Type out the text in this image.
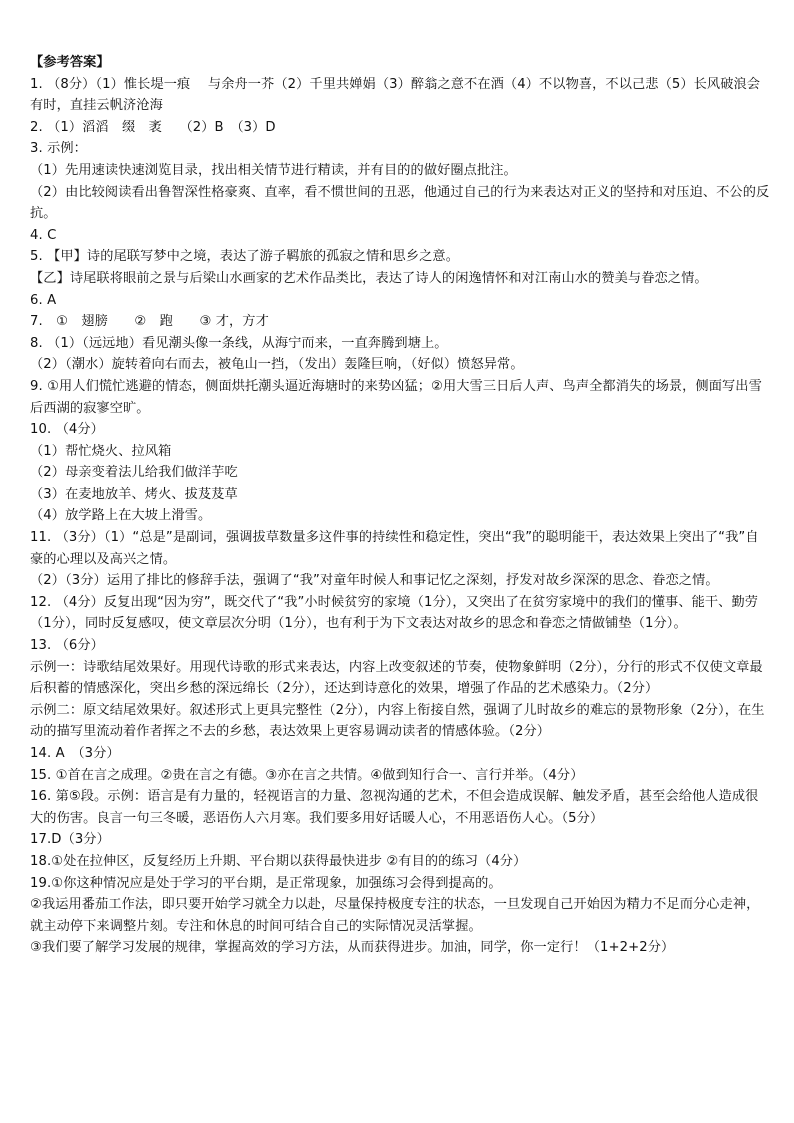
【参考答案】

1. （8分）（1）惟长堤一痕　 与余舟一芥（2）千里共婵娟（3）醉翁之意不在酒（4）不以物喜，不以己悲（5）长风破浪会有时，直挂云帆济沧海

2. （1）滔滔　缀　袤　 （2）B　（3）D

3. 示例：

（1）先用速读快速浏览目录，找出相关情节进行精读，并有目的的做好圈点批注。

（2）由比较阅读看出鲁智深性格豪爽、直率，看不惯世间的丑恶，他通过自己的行为来表达对正义的坚持和对压迫、不公的反抗。

4. C

5. 【甲】诗的尾联写梦中之境，表达了游子羁旅的孤寂之情和思乡之意。

【乙】诗尾联将眼前之景与后梁山水画家的艺术作品类比，表达了诗人的闲逸情怀和对江南山水的赞美与眷恋之情。

6. A

7.　①　翅膀　　②　跑　　③ 才，方才

8. （1）（远远地）看见潮头像一条线，从海宁而来，一直奔腾到塘上。

（2）（潮水）旋转着向右而去，被龟山一挡，（发出）轰隆巨响，（好似）愤怒异常。

9. ①用人们慌忙逃避的情态，侧面烘托潮头逼近海塘时的来势凶猛；②用大雪三日后人声、鸟声全都消失的场景，侧面写出雪后西湖的寂寥空旷。

10. （4分）

（1）帮忙烧火、拉风箱

（2）母亲变着法儿给我们做洋芋吃

（3）在麦地放羊、烤火、拔芨芨草

（4）放学路上在大坡上滑雪。

11. （3分）（1）“总是”是副词，强调拔草数量多这件事的持续性和稳定性，突出“我”的聪明能干，表达效果上突出了“我”自豪的心理以及高兴之情。

（2）（3分）运用了排比的修辞手法，强调了“我”对童年时候人和事记忆之深刻，抒发对故乡深深的思念、眷恋之情。

12. （4分）反复出现“因为穷”，既交代了“我”小时候贫穷的家境（1分），又突出了在贫穷家境中的我们的懂事、能干、勤劳（1分），同时反复感叹，使文章层次分明（1分），也有利于为下文表达对故乡的思念和眷恋之情做铺垫（1分）。

13. （6分）

示例一：诗歌结尾效果好。用现代诗歌的形式来表达，内容上改变叙述的节奏，使物象鲜明（2分），分行的形式不仅使文章最后积蓄的情感深化，突出乡愁的深远绵长（2分），还达到诗意化的效果，增强了作品的艺术感染力。（2分）

示例二：原文结尾效果好。叙述形式上更具完整性（2分），内容上衔接自然，强调了儿时故乡的难忘的景物形象（2分），在生动的描写里流动着作者挥之不去的乡愁，表达效果上更容易调动读者的情感体验。（2分）

14. A　（3分）

15. ①首在言之成理。②贵在言之有德。③亦在言之共情。④做到知行合一、言行并举。（4分）

16. 第⑤段。示例：语言是有力量的，轻视语言的力量、忽视沟通的艺术，不但会造成误解、触发矛盾，甚至会给他人造成很大的伤害。良言一句三冬暖，恶语伤人六月寒。我们要多用好话暖人心，不用恶语伤人心。（5分）

17.D（3分）

18.①处在拉伸区，反复经历上升期、平台期以获得最快进步 ②有目的的练习（4分）

19.①你这种情况应是处于学习的平台期，是正常现象，加强练习会得到提高的。

②我运用番茄工作法，即只要开始学习就全力以赴，尽量保持极度专注的状态，一旦发现自己开始因为精力不足而分心走神，就主动停下来调整片刻。专注和休息的时间可结合自己的实际情况灵活掌握。

③我们要了解学习发展的规律，掌握高效的学习方法，从而获得进步。加油，同学，你一定行！（1+2+2分）
